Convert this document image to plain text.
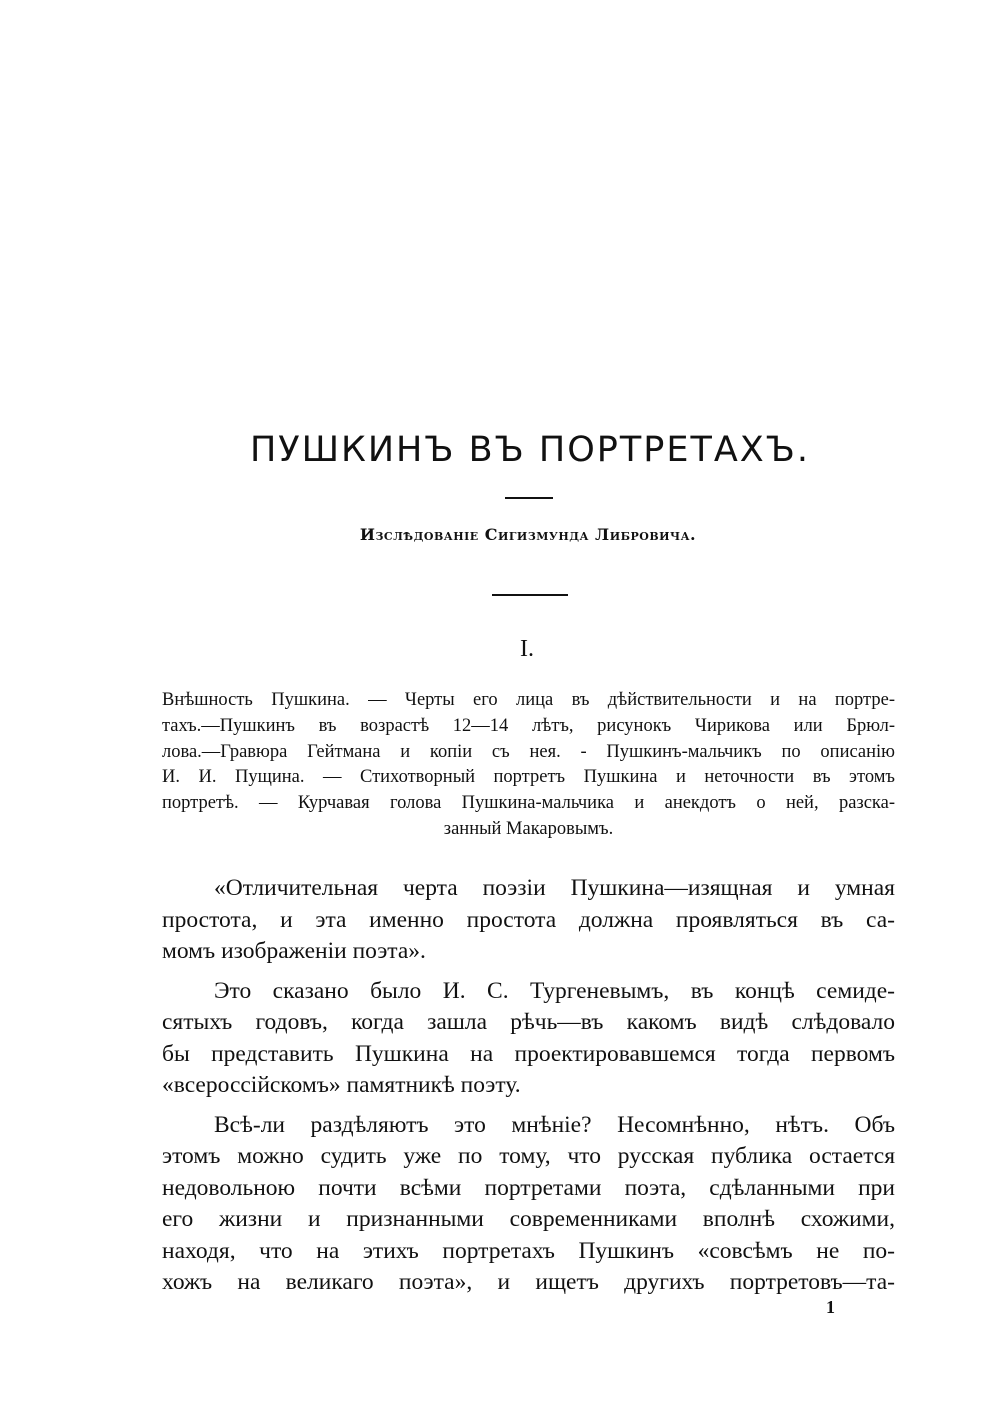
ПУШКИНЪ ВЪ ПОРТРЕТАХЪ.
Изслѣдованіе Сигизмунда Либровича.
I.
Внѣшность Пушкина. — Черты его лица въ дѣйствительности и на портре-
тахъ.—Пушкинъ въ возрастѣ 12—14 лѣтъ, рисунокъ Чирикова или Брюл-
лова.—Гравюра Гейтмана и копіи съ нея. - Пушкинъ-мальчикъ по описанію
И. И. Пущина. — Стихотворный портретъ Пушкина и неточности въ этомъ
портретѣ. — Курчавая голова Пушкина-мальчика и анекдотъ о ней, разска-
занный Макаровымъ.
«Отличительная черта поэзіи Пушкина—изящная и умная
простота, и эта именно простота должна проявляться въ са-
момъ изображеніи поэта».
Это сказано было И. С. Тургеневымъ, въ концѣ семиде-
сятыхъ годовъ, когда зашла рѣчь—въ какомъ видѣ слѣдовало
бы представить Пушкина на проектировавшемся тогда первомъ
«всероссійскомъ» памятникѣ поэту.
Всѣ-ли раздѣляютъ это мнѣніе? Несомнѣнно, нѣтъ. Объ
этомъ можно судить уже по тому, что русская публика остается
недовольною почти всѣми портретами поэта, сдѣланными при
его жизни и признанными современниками вполнѣ схожими,
находя, что на этихъ портретахъ Пушкинъ «совсѣмъ не по-
хожъ на великаго поэта», и ищетъ другихъ портретовъ—та-
1
